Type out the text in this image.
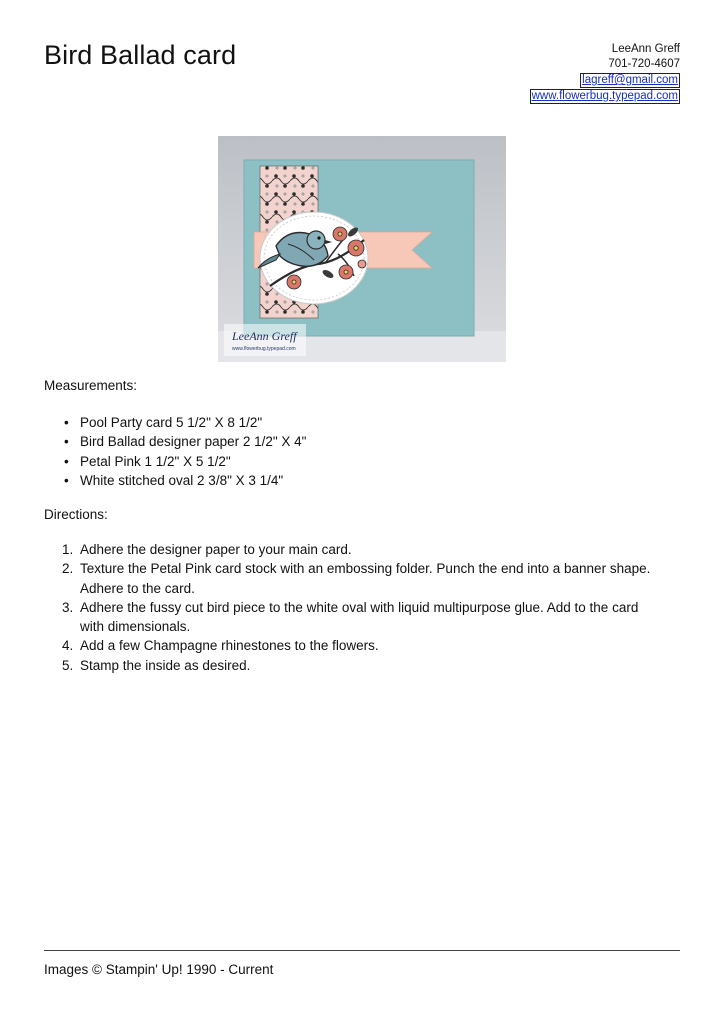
Bird Ballad card	LeeAnn Greff
701-720-4607
lagreff@gmail.com
www.flowerbug.typepad.com
LeeAnn Greff
www.flowerbug.typepad.com
Measurements:
• Pool Party card 5 1/2" X 8 1/2"
• Bird Ballad designer paper 2 1/2" X 4"
• Petal Pink 1 1/2" X 5 1/2"
• White stitched oval 2 3/8" X 3 1/4"
Directions:
1. Adhere the designer paper to your main card.
2. Texture the Petal Pink card stock with an embossing folder. Punch the end into a banner shape. Adhere to the card.
3. Adhere the fussy cut bird piece to the white oval with liquid multipurpose glue. Add to the card with dimensionals.
4. Add a few Champagne rhinestones to the flowers.
5. Stamp the inside as desired.
Images © Stampin' Up! 1990 - Current
